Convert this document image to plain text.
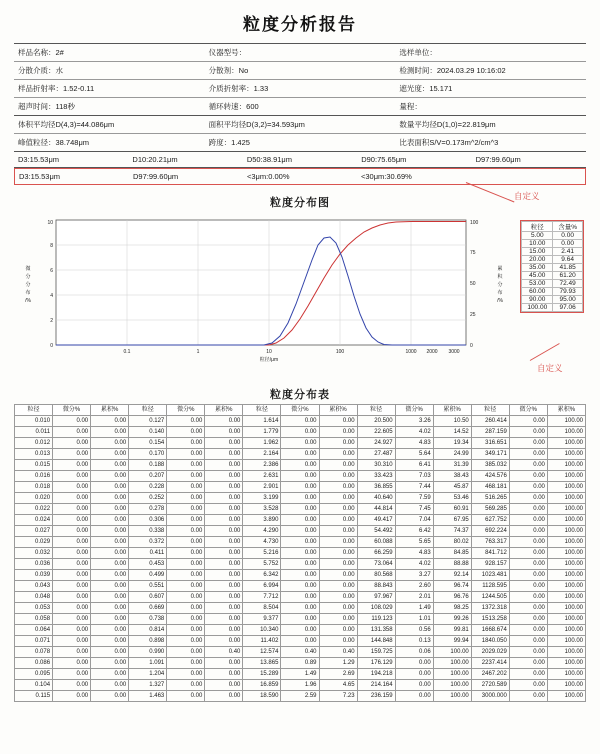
粒度分析报告
样品名称：2#	仪器型号：	选样单位：
分散介质：水	分散剂：No	检测时间：2024.03.29 10:16:02
样品折射率：1.52-0.11	介质折射率：1.33	遮光度：15.171
超声时间：118秒	循环转速：600	量程：
体积平均径D(4,3)=44.086μm	面积平均径D(3,2)=34.593μm	数量平均径D(1,0)=22.819μm
峰值粒径：38.748μm	跨度：1.425	比表面积S/V=0.173m^2/cm^3
D3:15.53μm	D10:20.21μm	D50:38.91μm	D90:75.65μm	D97:99.60μm
D3:15.53μm	D97:99.60μm	<3μm:0.00%	<30μm:30.69%
自定义
粒度分布图
0
2
4
6
8
10
0
25
50
75
100
0.1	1	10	100	1000 2000 3000
粒径/μm
微
分
分
布
/%
累
积
分
布
/%
粒径	含量%
5.00	0.00
10.00	0.00
15.00	2.41
20.00	9.64
35.00	41.85
45.00	61.20
53.00	72.49
60.00	79.93
90.00	95.00
100.00	97.06
自定义
粒度分布表
粒径	微分%	累积%	粒径	微分%	累积%	粒径	微分%	累积%	粒径	微分%	累积%	粒径	微分%	累积%
0.010	0.00	0.00	0.127	0.00	0.00	1.614	0.00	0.00	20.500	3.26	10.50	260.414	0.00	100.00
0.011	0.00	0.00	0.140	0.00	0.00	1.779	0.00	0.00	22.605	4.02	14.52	287.159	0.00	100.00
0.012	0.00	0.00	0.154	0.00	0.00	1.962	0.00	0.00	24.927	4.83	19.34	316.651	0.00	100.00
0.013	0.00	0.00	0.170	0.00	0.00	2.164	0.00	0.00	27.487	5.64	24.99	349.171	0.00	100.00
0.015	0.00	0.00	0.188	0.00	0.00	2.386	0.00	0.00	30.310	6.41	31.39	385.032	0.00	100.00
0.016	0.00	0.00	0.207	0.00	0.00	2.631	0.00	0.00	33.423	7.03	38.43	424.576	0.00	100.00
0.018	0.00	0.00	0.228	0.00	0.00	2.901	0.00	0.00	36.855	7.44	45.87	468.181	0.00	100.00
0.020	0.00	0.00	0.252	0.00	0.00	3.199	0.00	0.00	40.640	7.59	53.46	516.265	0.00	100.00
0.022	0.00	0.00	0.278	0.00	0.00	3.528	0.00	0.00	44.814	7.45	60.91	569.285	0.00	100.00
0.024	0.00	0.00	0.306	0.00	0.00	3.890	0.00	0.00	49.417	7.04	67.95	627.752	0.00	100.00
0.027	0.00	0.00	0.338	0.00	0.00	4.290	0.00	0.00	54.492	6.42	74.37	692.224	0.00	100.00
0.029	0.00	0.00	0.372	0.00	0.00	4.730	0.00	0.00	60.088	5.65	80.02	763.317	0.00	100.00
0.032	0.00	0.00	0.411	0.00	0.00	5.216	0.00	0.00	66.259	4.83	84.85	841.712	0.00	100.00
0.036	0.00	0.00	0.453	0.00	0.00	5.752	0.00	0.00	73.064	4.02	88.88	928.157	0.00	100.00
0.039	0.00	0.00	0.499	0.00	0.00	6.342	0.00	0.00	80.568	3.27	92.14	1023.481	0.00	100.00
0.043	0.00	0.00	0.551	0.00	0.00	6.994	0.00	0.00	88.843	2.60	96.74	1128.595	0.00	100.00
0.048	0.00	0.00	0.607	0.00	0.00	7.712	0.00	0.00	97.967	2.01	96.76	1244.505	0.00	100.00
0.053	0.00	0.00	0.669	0.00	0.00	8.504	0.00	0.00	108.029	1.49	98.25	1372.318	0.00	100.00
0.058	0.00	0.00	0.738	0.00	0.00	9.377	0.00	0.00	119.123	1.01	99.26	1513.258	0.00	100.00
0.064	0.00	0.00	0.814	0.00	0.00	10.340	0.00	0.00	131.358	0.56	99.81	1668.674	0.00	100.00
0.071	0.00	0.00	0.898	0.00	0.00	11.402	0.00	0.00	144.848	0.13	99.94	1840.050	0.00	100.00
0.078	0.00	0.00	0.990	0.00	0.40	12.574	0.40	0.40	159.725	0.06	100.00	2029.029	0.00	100.00
0.086	0.00	0.00	1.091	0.00	0.00	13.865	0.89	1.29	176.129	0.00	100.00	2237.414	0.00	100.00
0.095	0.00	0.00	1.204	0.00	0.00	15.289	1.49	2.69	194.218	0.00	100.00	2467.202	0.00	100.00
0.104	0.00	0.00	1.327	0.00	0.00	16.859	1.96	4.65	214.164	0.00	100.00	2720.589	0.00	100.00
0.115	0.00	0.00	1.463	0.00	0.00	18.590	2.59	7.23	236.159	0.00	100.00	3000.000	0.00	100.00
